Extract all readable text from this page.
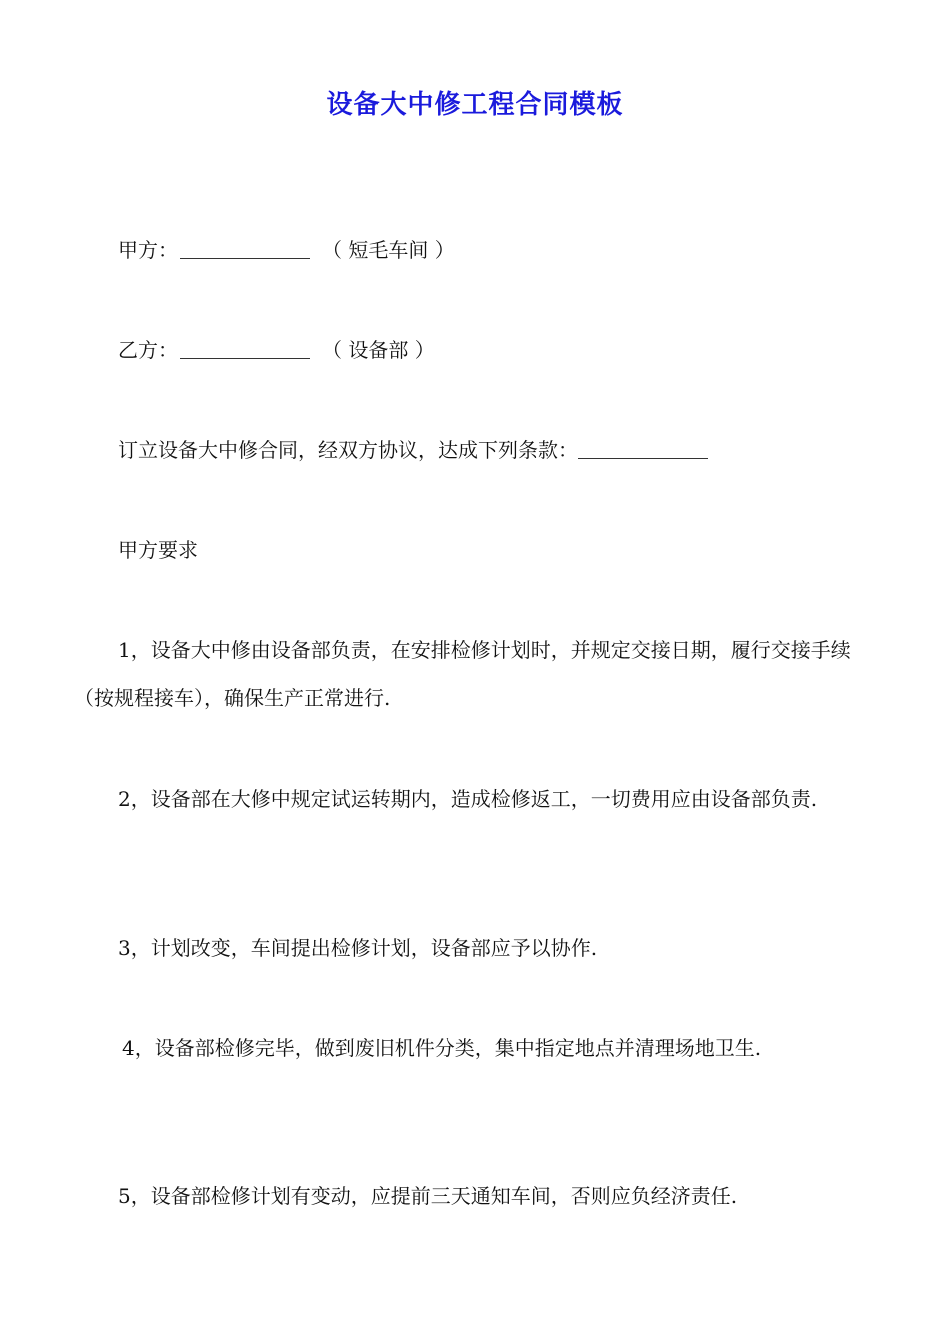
设备大中修工程合同模板
甲方：	（ 短毛车间 ）
乙方：	（ 设备部 ）
订立设备大中修合同，经双方协议，达成下列条款：
甲方要求
1，设备大中修由设备部负责，在安排检修计划时，并规定交接日期，履行交接手续（按规程接车），确保生产正常进行.
2，设备部在大修中规定试运转期内，造成检修返工，一切费用应由设备部负责.
3，计划改变，车间提出检修计划，设备部应予以协作.
4，设备部检修完毕，做到废旧机件分类，集中指定地点并清理场地卫生.
5，设备部检修计划有变动，应提前三天通知车间，否则应负经济责任.
